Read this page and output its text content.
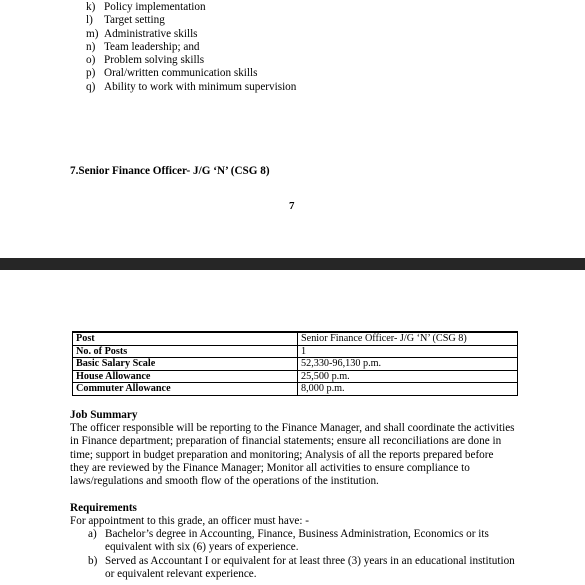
k) Policy implementation
l) Target setting
m) Administrative skills
n) Team leadership; and
o) Problem solving skills
p) Oral/written communication skills
q) Ability to work with minimum supervision
7.Senior Finance Officer- J/G ‘N’ (CSG 8)
7
Post	Senior Finance Officer- J/G ‘N’ (CSG 8)
No. of Posts	1
Basic Salary Scale	52,330-96,130 p.m.
House Allowance	25,500 p.m.
Commuter Allowance	8,000 p.m.
Job Summary

The officer responsible will be reporting to the Finance Manager, and shall coordinate the activities in Finance department; preparation of financial statements; ensure all reconciliations are done in time; support in budget preparation and monitoring; Analysis of all the reports prepared before they are reviewed by the Finance Manager; Monitor all activities to ensure compliance to laws/regulations and smooth flow of the operations of the institution.

Requirements
For appointment to this grade, an officer must have: -
a) Bachelor’s degree in Accounting, Finance, Business Administration, Economics or its equivalent with six (6) years of experience.
b) Served as Accountant I or equivalent for at least three (3) years in an educational institution or equivalent relevant experience.
